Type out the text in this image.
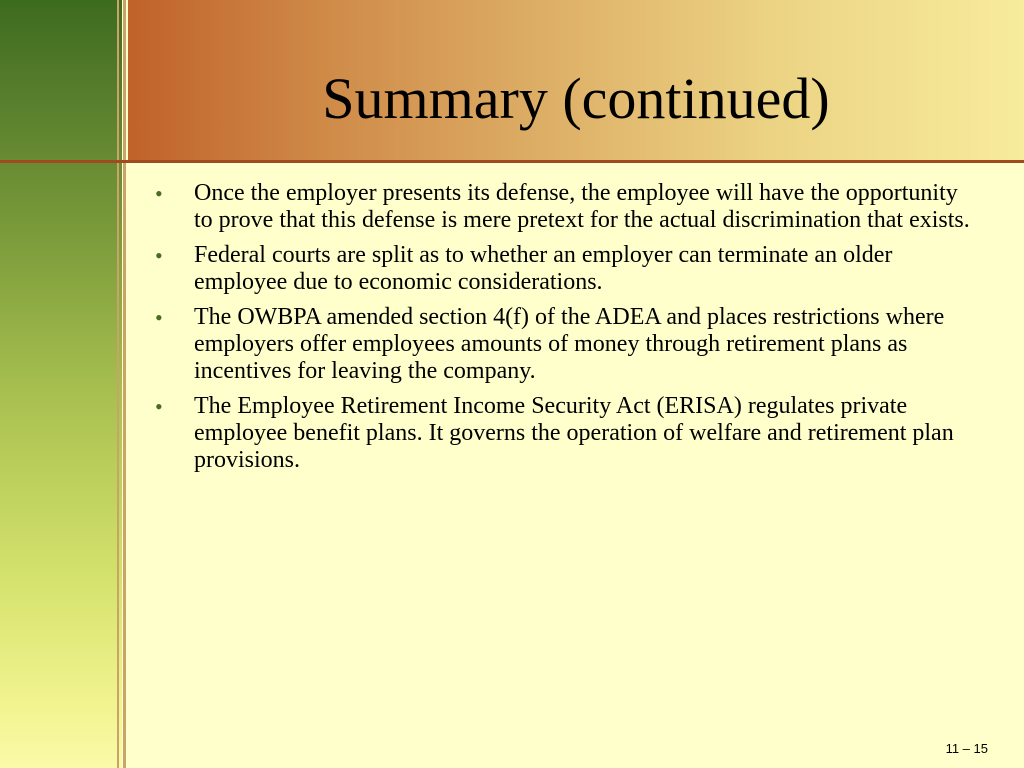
Summary (continued)
• Once the employer presents its defense, the employee will have the opportunity to prove that this defense is mere pretext for the actual discrimination that exists.
• Federal courts are split as to whether an employer can terminate an older employee due to economic considerations.
• The OWBPA amended section 4(f) of the ADEA and places restrictions where employers offer employees amounts of money through retirement plans as incentives for leaving the company.
• The Employee Retirement Income Security Act (ERISA) regulates private employee benefit plans. It governs the operation of welfare and retirement plan provisions.
11 – 15
